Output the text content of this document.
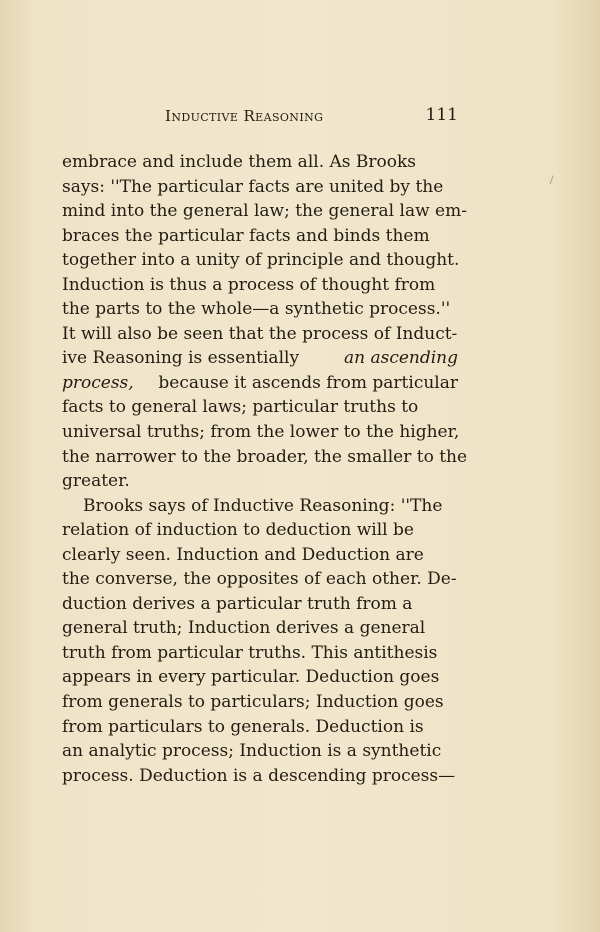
Inductive Reasoning	111
embrace and include them all. As Brooks
says: ''The particular facts are united by the
mind into the general law; the general law em-
braces the particular facts and binds them
together into a unity of principle and thought.
Induction is thus a process of thought from
the parts to the whole—a synthetic process.''
It will also be seen that the process of Induct-
ive Reasoning is essentially	an ascending
process, because it ascends from particular
facts to general laws; particular truths to
universal truths; from the lower to the higher,
the narrower to the broader, the smaller to the
greater.
Brooks says of Inductive Reasoning: ''The
relation of induction to deduction will be
clearly seen. Induction and Deduction are
the converse, the opposites of each other. De-
duction derives a particular truth from a
general truth; Induction derives a general
truth from particular truths. This antithesis
appears in every particular. Deduction goes
from generals to particulars; Induction goes
from particulars to generals. Deduction is
an analytic process; Induction is a synthetic
process. Deduction is a descending process—
